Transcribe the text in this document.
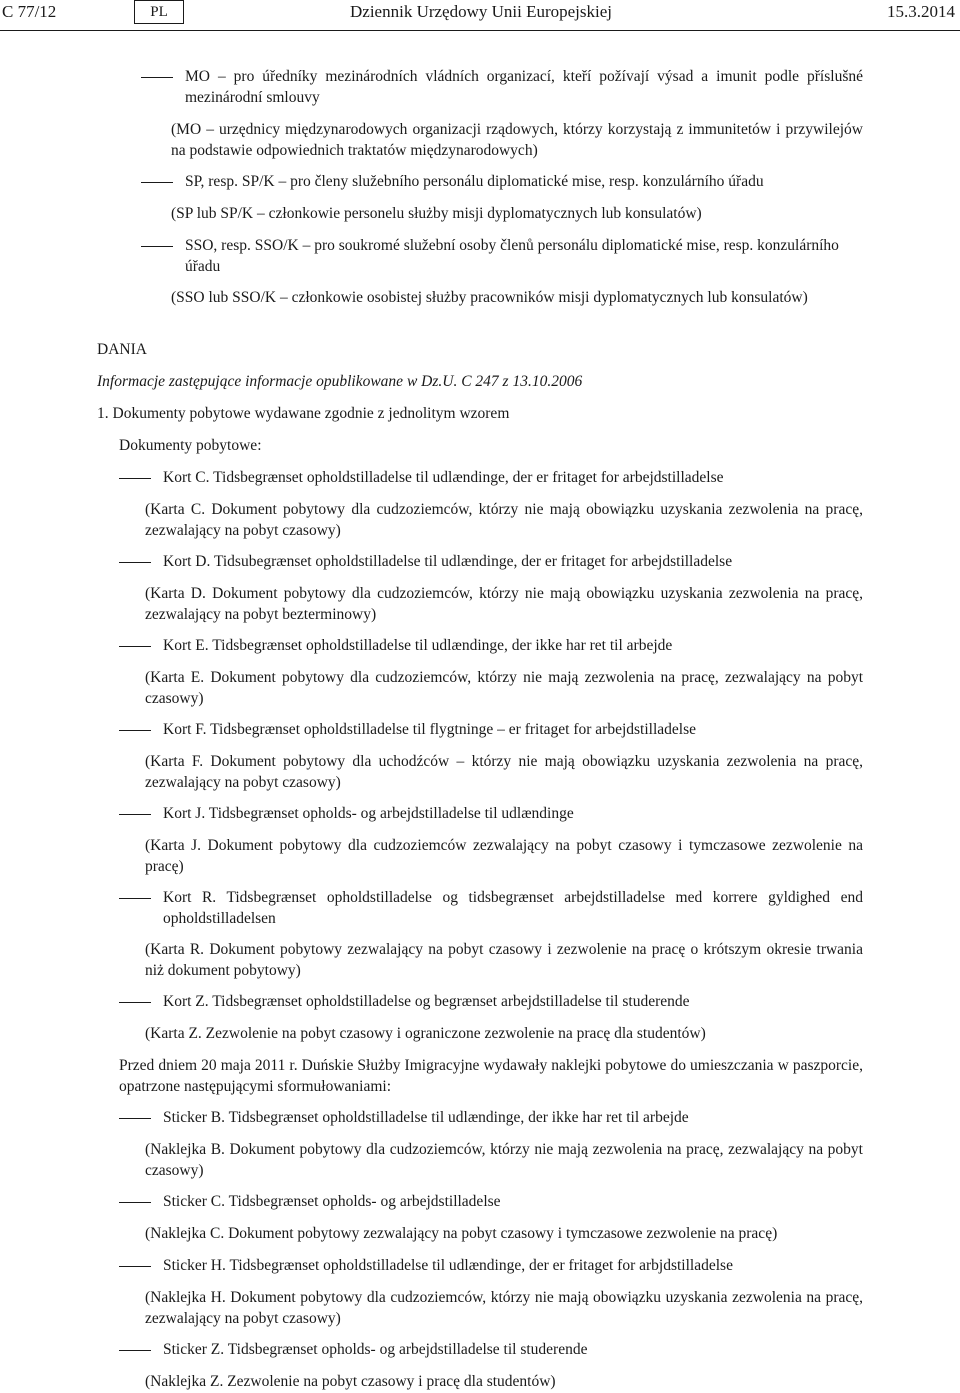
C 77/12	PL	Dziennik Urzędowy Unii Europejskiej	15.3.2014
MO – pro úředníky mezinárodních vládních organizací, kteří požívají výsad a imunit podle příslušné mezinárodní smlouvy
(MO – urzędnicy międzynarodowych organizacji rządowych, którzy korzystają z immunitetów i przywilejów na podstawie odpowiednich traktatów międzynarodowych)
SP, resp. SP/K – pro členy služebního personálu diplomatické mise, resp. konzulárního úřadu
(SP lub SP/K – członkowie personelu służby misji dyplomatycznych lub konsulatów)
SSO, resp. SSO/K – pro soukromé služební osoby členů personálu diplomatické mise, resp. konzulárního úřadu
(SSO lub SSO/K – członkowie osobistej służby pracowników misji dyplomatycznych lub konsulatów)
DANIA
Informacje zastępujące informacje opublikowane w Dz.U. C 247 z 13.10.2006
1. Dokumenty pobytowe wydawane zgodnie z jednolitym wzorem
Dokumenty pobytowe:
Kort C. Tidsbegrænset opholdstilladelse til udlændinge, der er fritaget for arbejdstilladelse
(Karta C. Dokument pobytowy dla cudzoziemców, którzy nie mają obowiązku uzyskania zezwolenia na pracę, zezwalający na pobyt czasowy)
Kort D. Tidsubegrænset opholdstilladelse til udlændinge, der er fritaget for arbejdstilladelse
(Karta D. Dokument pobytowy dla cudzoziemców, którzy nie mają obowiązku uzyskania zezwolenia na pracę, zezwalający na pobyt bezterminowy)
Kort E. Tidsbegrænset opholdstilladelse til udlændinge, der ikke har ret til arbejde
(Karta E. Dokument pobytowy dla cudzoziemców, którzy nie mają zezwolenia na pracę, zezwalający na pobyt czasowy)
Kort F. Tidsbegrænset opholdstilladelse til flygtninge – er fritaget for arbejdstilladelse
(Karta F. Dokument pobytowy dla uchodźców – którzy nie mają obowiązku uzyskania zezwolenia na pracę, zezwalający na pobyt czasowy)
Kort J. Tidsbegrænset opholds- og arbejdstilladelse til udlændinge
(Karta J. Dokument pobytowy dla cudzoziemców zezwalający na pobyt czasowy i tymczasowe zezwolenie na pracę)
Kort R. Tidsbegrænset opholdstilladelse og tidsbegrænset arbejdstilladelse med korrere gyldighed end opholdstilladelsen
(Karta R. Dokument pobytowy zezwalający na pobyt czasowy i zezwolenie na pracę o krótszym okresie trwania niż dokument pobytowy)
Kort Z. Tidsbegrænset opholdstilladelse og begrænset arbejdstilladelse til studerende
(Karta Z. Zezwolenie na pobyt czasowy i ograniczone zezwolenie na pracę dla studentów)
Przed dniem 20 maja 2011 r. Duńskie Służby Imigracyjne wydawały naklejki pobytowe do umieszczania w paszporcie, opatrzone następującymi sformułowaniami:
Sticker B. Tidsbegrænset opholdstilladelse til udlændinge, der ikke har ret til arbejde
(Naklejka B. Dokument pobytowy dla cudzoziemców, którzy nie mają zezwolenia na pracę, zezwalający na pobyt czasowy)
Sticker C. Tidsbegrænset opholds- og arbejdstilladelse
(Naklejka C. Dokument pobytowy zezwalający na pobyt czasowy i tymczasowe zezwolenie na pracę)
Sticker H. Tidsbegrænset opholdstilladelse til udlændinge, der er fritaget for arbjdstilladelse
(Naklejka H. Dokument pobytowy dla cudzoziemców, którzy nie mają obowiązku uzyskania zezwolenia na pracę, zezwalający na pobyt czasowy)
Sticker Z. Tidsbegrænset opholds- og arbejdstilladelse til studerende
(Naklejka Z. Zezwolenie na pobyt czasowy i pracę dla studentów)
